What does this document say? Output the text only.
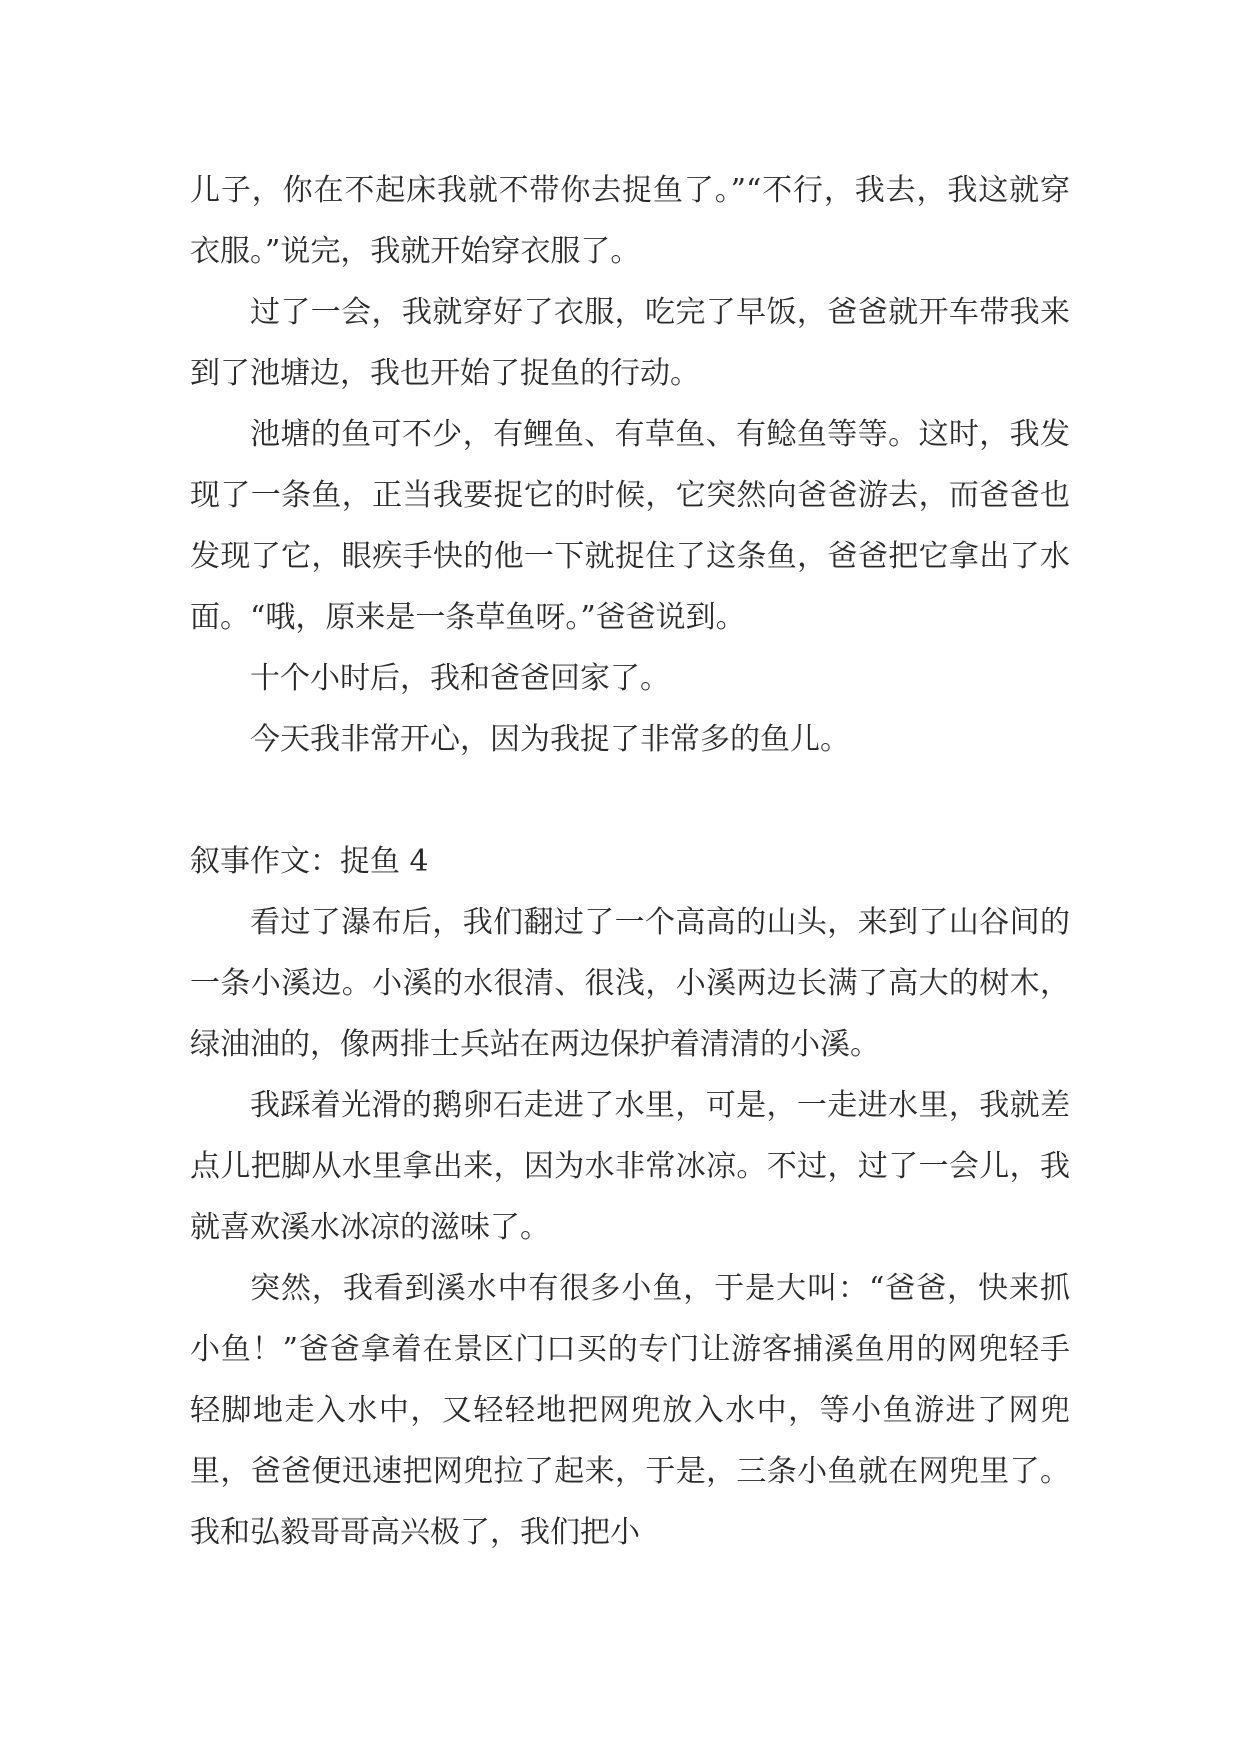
儿子，你在不起床我就不带你去捉鱼了。”“不行，我去，我这就穿衣服。”说完，我就开始穿衣服了。

过了一会，我就穿好了衣服，吃完了早饭，爸爸就开车带我来到了池塘边，我也开始了捉鱼的行动。

池塘的鱼可不少，有鲤鱼、有草鱼、有鲶鱼等等。这时，我发现了一条鱼，正当我要捉它的时候，它突然向爸爸游去，而爸爸也发现了它，眼疾手快的他一下就捉住了这条鱼，爸爸把它拿出了水面。“哦，原来是一条草鱼呀。”爸爸说到。

十个小时后，我和爸爸回家了。

今天我非常开心，因为我捉了非常多的鱼儿。

叙事作文：捉鱼 4

看过了瀑布后，我们翻过了一个高高的山头，来到了山谷间的一条小溪边。小溪的水很清、很浅，小溪两边长满了高大的树木，绿油油的，像两排士兵站在两边保护着清清的小溪。

我踩着光滑的鹅卵石走进了水里，可是，一走进水里，我就差点儿把脚从水里拿出来，因为水非常冰凉。不过，过了一会儿，我就喜欢溪水冰凉的滋味了。

突然，我看到溪水中有很多小鱼，于是大叫：“爸爸，快来抓小鱼！”爸爸拿着在景区门口买的专门让游客捕溪鱼用的网兜轻手轻脚地走入水中，又轻轻地把网兜放入水中，等小鱼游进了网兜里，爸爸便迅速把网兜拉了起来，于是，三条小鱼就在网兜里了。我和弘毅哥哥高兴极了，我们把小
